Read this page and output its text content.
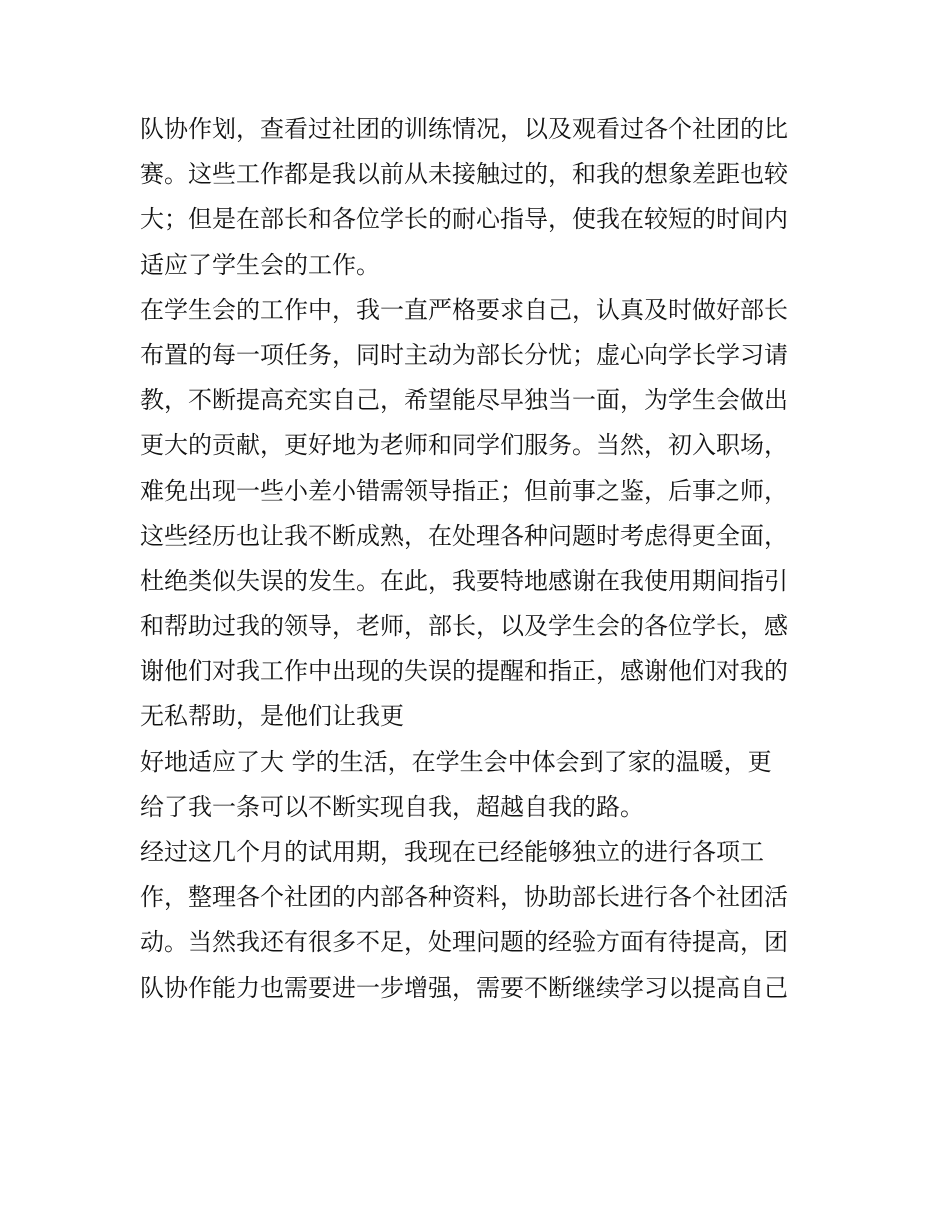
队协作划，查看过社团的训练情况，以及观看过各个社团的比
赛。这些工作都是我以前从未接触过的，和我的想象差距也较
大；但是在部长和各位学长的耐心指导，使我在较短的时间内
适应了学生会的工作。
在学生会的工作中，我一直严格要求自己，认真及时做好部长
布置的每一项任务，同时主动为部长分忧；虚心向学长学习请
教，不断提高充实自己，希望能尽早独当一面，为学生会做出
更大的贡献，更好地为老师和同学们服务。当然，初入职场，
难免出现一些小差小错需领导指正；但前事之鉴，后事之师，
这些经历也让我不断成熟，在处理各种问题时考虑得更全面，
杜绝类似失误的发生。在此，我要特地感谢在我使用期间指引
和帮助过我的领导，老师，部长，以及学生会的各位学长，感
谢他们对我工作中出现的失误的提醒和指正，感谢他们对我的
无私帮助，是他们让我更
好地适应了大 学的生活，在学生会中体会到了家的温暖，更
给了我一条可以不断实现自我，超越自我的路。
经过这几个月的试用期，我现在已经能够独立的进行各项工
作，整理各个社团的内部各种资料，协助部长进行各个社团活
动。当然我还有很多不足，处理问题的经验方面有待提高，团
队协作能力也需要进一步增强，需要不断继续学习以提高自己
